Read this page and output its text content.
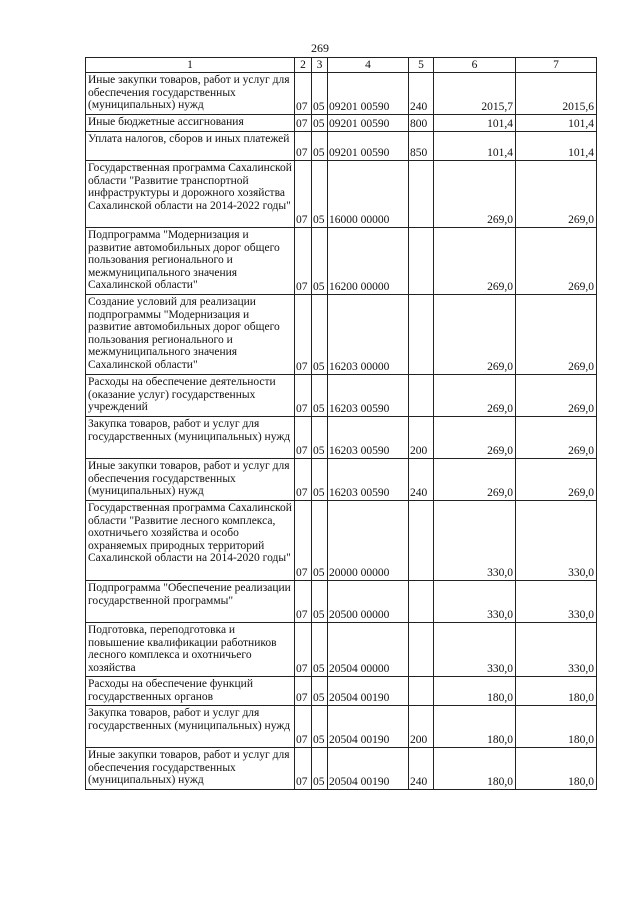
269
1	2	3	4	5	6	7
Иные закупки товаров, работ и услуг для обеспечения государственных (муниципальных) нужд	07	05	09201 00590	240	2015,7	2015,6
Иные бюджетные ассигнования	07	05	09201 00590	800	101,4	101,4
Уплата налогов, сборов и иных платежей	07	05	09201 00590	850	101,4	101,4
Государственная программа Сахалинской области "Развитие транспортной инфраструктуры и дорожного хозяйства Сахалинской области на 2014-2022 годы"	07	05	16000 00000		269,0	269,0
Подпрограмма "Модернизация и развитие автомобильных дорог общего пользования регионального и межмуниципального значения Сахалинской области"	07	05	16200 00000		269,0	269,0
Создание условий для реализации подпрограммы "Модернизация и развитие автомобильных дорог общего пользования регионального и межмуниципального значения Сахалинской области"	07	05	16203 00000		269,0	269,0
Расходы на обеспечение деятельности (оказание услуг) государственных учреждений	07	05	16203 00590		269,0	269,0
Закупка товаров, работ и услуг для государственных (муниципальных) нужд	07	05	16203 00590	200	269,0	269,0
Иные закупки товаров, работ и услуг для обеспечения государственных (муниципальных) нужд	07	05	16203 00590	240	269,0	269,0
Государственная программа Сахалинской области "Развитие лесного комплекса, охотничьего хозяйства и особо охраняемых природных территорий Сахалинской области на 2014-2020 годы"	07	05	20000 00000		330,0	330,0
Подпрограмма "Обеспечение реализации государственной программы"	07	05	20500 00000		330,0	330,0
Подготовка, переподготовка и повышение квалификации работников лесного комплекса и охотничьего хозяйства	07	05	20504 00000		330,0	330,0
Расходы на обеспечение функций государственных органов	07	05	20504 00190		180,0	180,0
Закупка товаров, работ и услуг для государственных (муниципальных) нужд	07	05	20504 00190	200	180,0	180,0
Иные закупки товаров, работ и услуг для обеспечения государственных (муниципальных) нужд	07	05	20504 00190	240	180,0	180,0
